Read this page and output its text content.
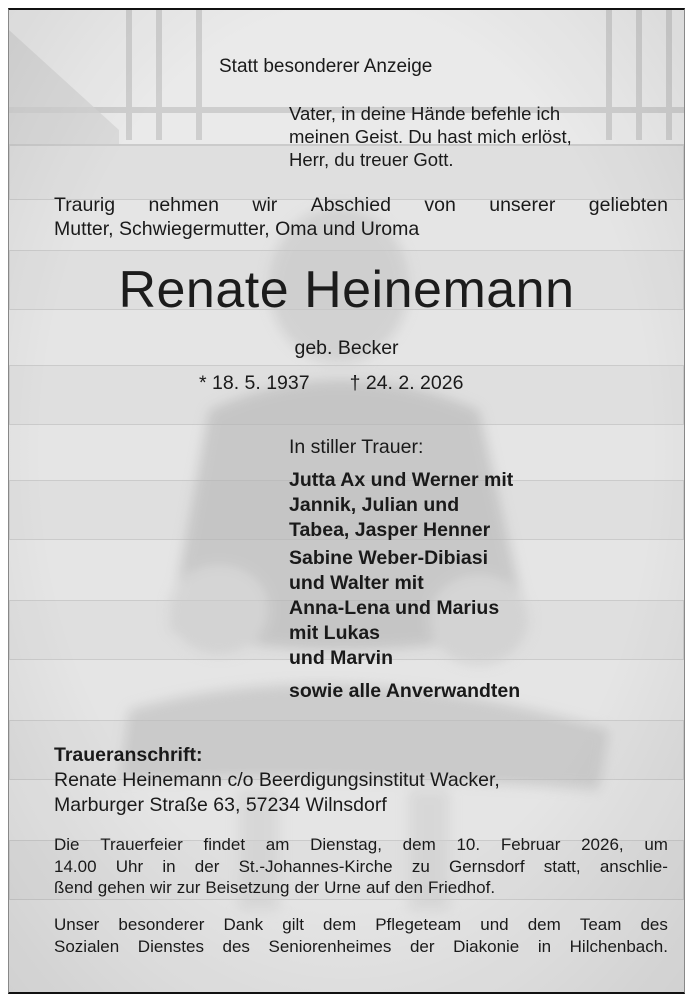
Statt besonderer Anzeige

Vater, in deine Hände befehle ich
meinen Geist. Du hast mich erlöst,
Herr, du treuer Gott.
Traurig nehmen wir Abschied von unserer geliebten
Mutter, Schwiegermutter, Oma und Uroma

Renate Heinemann

geb. Becker

* 18. 5. 1937 † 24. 2. 2026

In stiller Trauer:

Jutta Ax und Werner mit
Jannik, Julian und
Tabea, Jasper Henner
Sabine Weber-Dibiasi
und Walter mit
Anna-Lena und Marius
mit Lukas
und Marvin
sowie alle Anverwandten

Traueranschrift:

Renate Heinemann c/o Beerdigungsinstitut Wacker,
Marburger Straße 63, 57234 Wilnsdorf
Die Trauerfeier findet am Dienstag, dem 10. Februar 2026, um
14.00 Uhr in der St.-Johannes-Kirche zu Gernsdorf statt, anschlie-
ßend gehen wir zur Beisetzung der Urne auf den Friedhof.
Unser besonderer Dank gilt dem Pflegeteam und dem Team des
Sozialen Dienstes des Seniorenheimes der Diakonie in Hilchenbach.
